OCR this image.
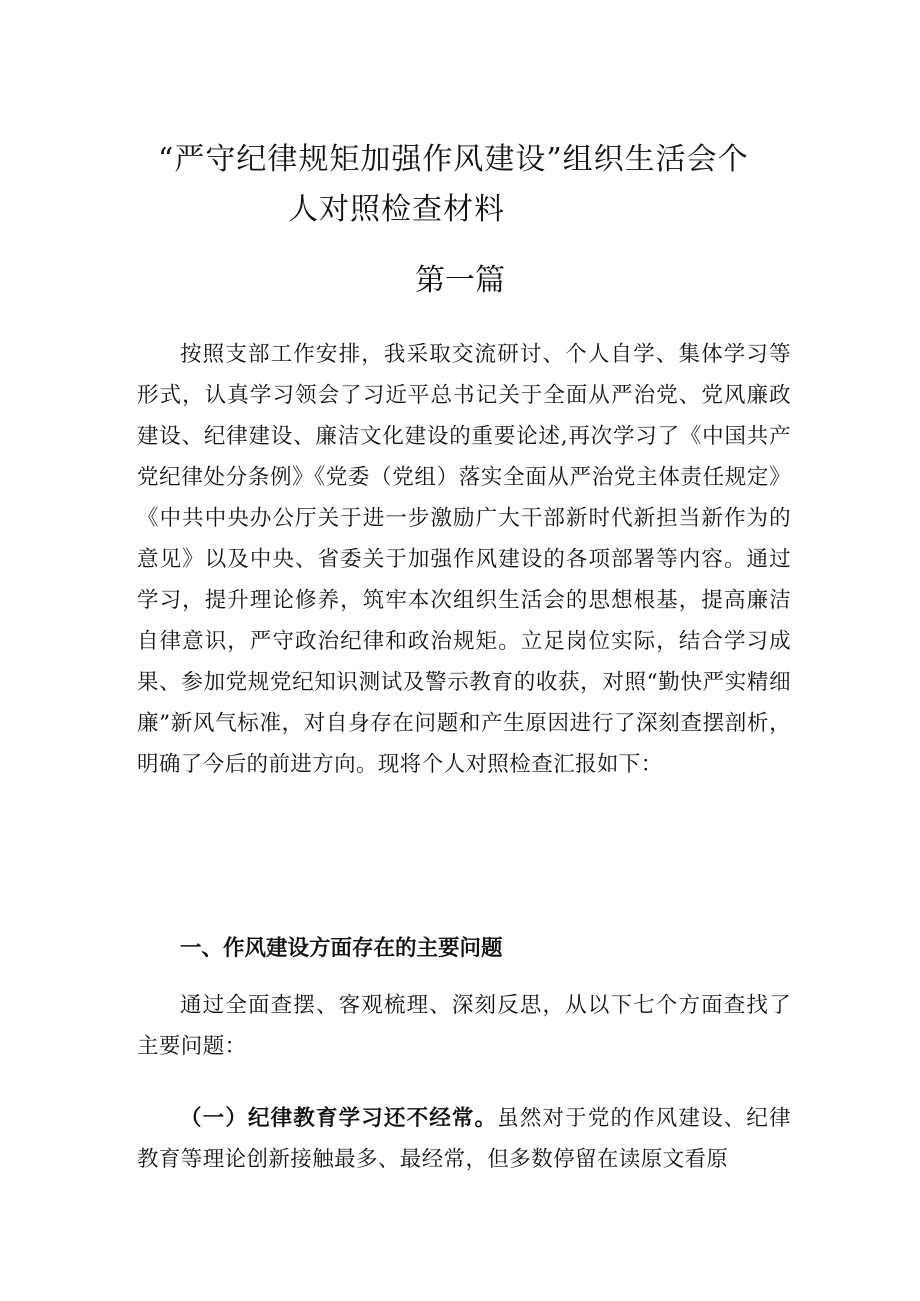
“严守纪律规矩加强作风建设”组织生活会个
人对照检查材料
第一篇
按照支部工作安排，我采取交流研讨、个人自学、集体学习等形式，认真学习领会了习近平总书记关于全面从严治党、党风廉政建设、纪律建设、廉洁文化建设的重要论述,再次学习了《中国共产党纪律处分条例》《党委（党组）落实全面从严治党主体责任规定》《中共中央办公厅关于进一步激励广大干部新时代新担当新作为的意见》以及中央、省委关于加强作风建设的各项部署等内容。通过学习，提升理论修养，筑牢本次组织生活会的思想根基，提高廉洁自律意识，严守政治纪律和政治规矩。立足岗位实际，结合学习成果、参加党规党纪知识测试及警示教育的收获，对照“勤快严实精细廉”新风气标准，对自身存在问题和产生原因进行了深刻查摆剖析，明确了今后的前进方向。现将个人对照检查汇报如下：
一、作风建设方面存在的主要问题
通过全面查摆、客观梳理、深刻反思，从以下七个方面查找了主要问题：
（一）纪律教育学习还不经常。虽然对于党的作风建设、纪律教育等理论创新接触最多、最经常，但多数停留在读原文看原
